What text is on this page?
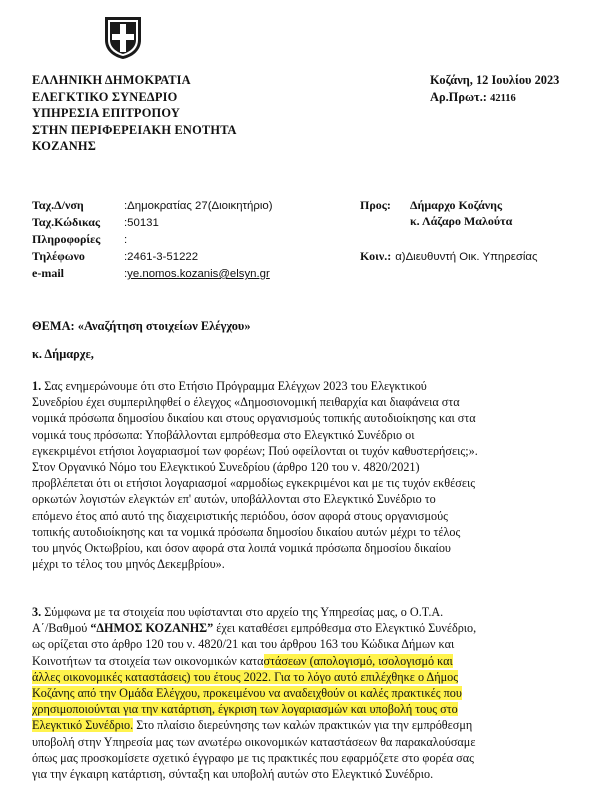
ΕΛΛΗΝΙΚΗ ΔΗΜΟΚΡΑΤΙΑ
ΕΛΕΓΚΤΙΚΟ ΣΥΝΕΔΡΙΟ
ΥΠΗΡΕΣΙΑ ΕΠΙΤΡΟΠΟΥ
ΣΤΗΝ ΠΕΡΙΦΕΡΕΙΑΚΗ ΕΝΟΤΗΤΑ
ΚΟΖΑΝΗΣ
Κοζάνη, 12 Ιουλίου 2023
Αρ.Πρωτ.: 42116
Ταχ.Δ/νση	:Δημοκρατίας 27(Διοικητήριο)
Ταχ.Κώδικας :50131
Πληροφορίες :
Τηλέφωνο	:2461-3-51222
e-mail	:ye.nomos.kozanis@elsyn.gr
Προς: Δήμαρχο Κοζάνης
κ. Λάζαρο Μαλούτα
Κοιν.: α)Διευθυντή Οικ. Υπηρεσίας
ΘΕΜΑ: «Αναζήτηση στοιχείων Ελέγχου»
κ. Δήμαρχε,
1. Σας ενημερώνουμε ότι στο Ετήσιο Πρόγραμμα Ελέγχων 2023 του Ελεγκτικού
Συνεδρίου έχει συμπεριληφθεί ο έλεγχος «Δημοσιονομική πειθαρχία και διαφάνεια στα
νομικά πρόσωπα δημοσίου δικαίου και στους οργανισμούς τοπικής αυτοδιοίκησης και στα
νομικά τους πρόσωπα: Υποβάλλονται εμπρόθεσμα στο Ελεγκτικό Συνέδριο οι
εγκεκριμένοι ετήσιοι λογαριασμοί των φορέων; Πού οφείλονται οι τυχόν καθυστερήσεις;».
Στον Οργανικό Νόμο του Ελεγκτικού Συνεδρίου (άρθρο 120 του ν. 4820/2021)
προβλέπεται ότι οι ετήσιοι λογαριασμοί «αρμοδίως εγκεκριμένοι και με τις τυχόν εκθέσεις
ορκωτών λογιστών ελεγκτών επ' αυτών, υποβάλλονται στο Ελεγκτικό Συνέδριο το
επόμενο έτος από αυτό της διαχειριστικής περιόδου, όσον αφορά στους οργανισμούς
τοπικής αυτοδιοίκησης και τα νομικά πρόσωπα δημοσίου δικαίου αυτών μέχρι το τέλος
του μηνός Οκτωβρίου, και όσον αφορά στα λοιπά νομικά πρόσωπα δημοσίου δικαίου
μέχρι το τέλος του μηνός Δεκεμβρίου».
3. Σύμφωνα με τα στοιχεία που υφίστανται στο αρχείο της Υπηρεσίας μας, ο Ο.Τ.Α.
Α΄/Βαθμού “ΔΗΜΟΣ ΚΟΖΑΝΗΣ” έχει καταθέσει εμπρόθεσμα στο Ελεγκτικό Συνέδριο,
ως ορίζεται στο άρθρο 120 του ν. 4820/21 και του άρθρου 163 του Κώδικα Δήμων και
Κοινοτήτων τα στοιχεία των οικονομικών καταστάσεων (απολογισμό, ισολογισμό και
άλλες οικονομικές καταστάσεις) του έτους 2022. Για το λόγο αυτό επιλέχθηκε ο Δήμος
Κοζάνης από την Ομάδα Ελέγχου, προκειμένου να αναδειχθούν οι καλές πρακτικές που
χρησιμοποιούνται για την κατάρτιση, έγκριση των λογαριασμών και υποβολή τους στο
Ελεγκτικό Συνέδριο. Στο πλαίσιο διερεύνησης των καλών πρακτικών για την εμπρόθεσμη
υποβολή στην Υπηρεσία μας των ανωτέρω οικονομικών καταστάσεων θα παρακαλούσαμε
όπως μας προσκομίσετε σχετικό έγγραφο με τις πρακτικές που εφαρμόζετε στο φορέα σας
για την έγκαιρη κατάρτιση, σύνταξη και υποβολή αυτών στο Ελεγκτικό Συνέδριο.
